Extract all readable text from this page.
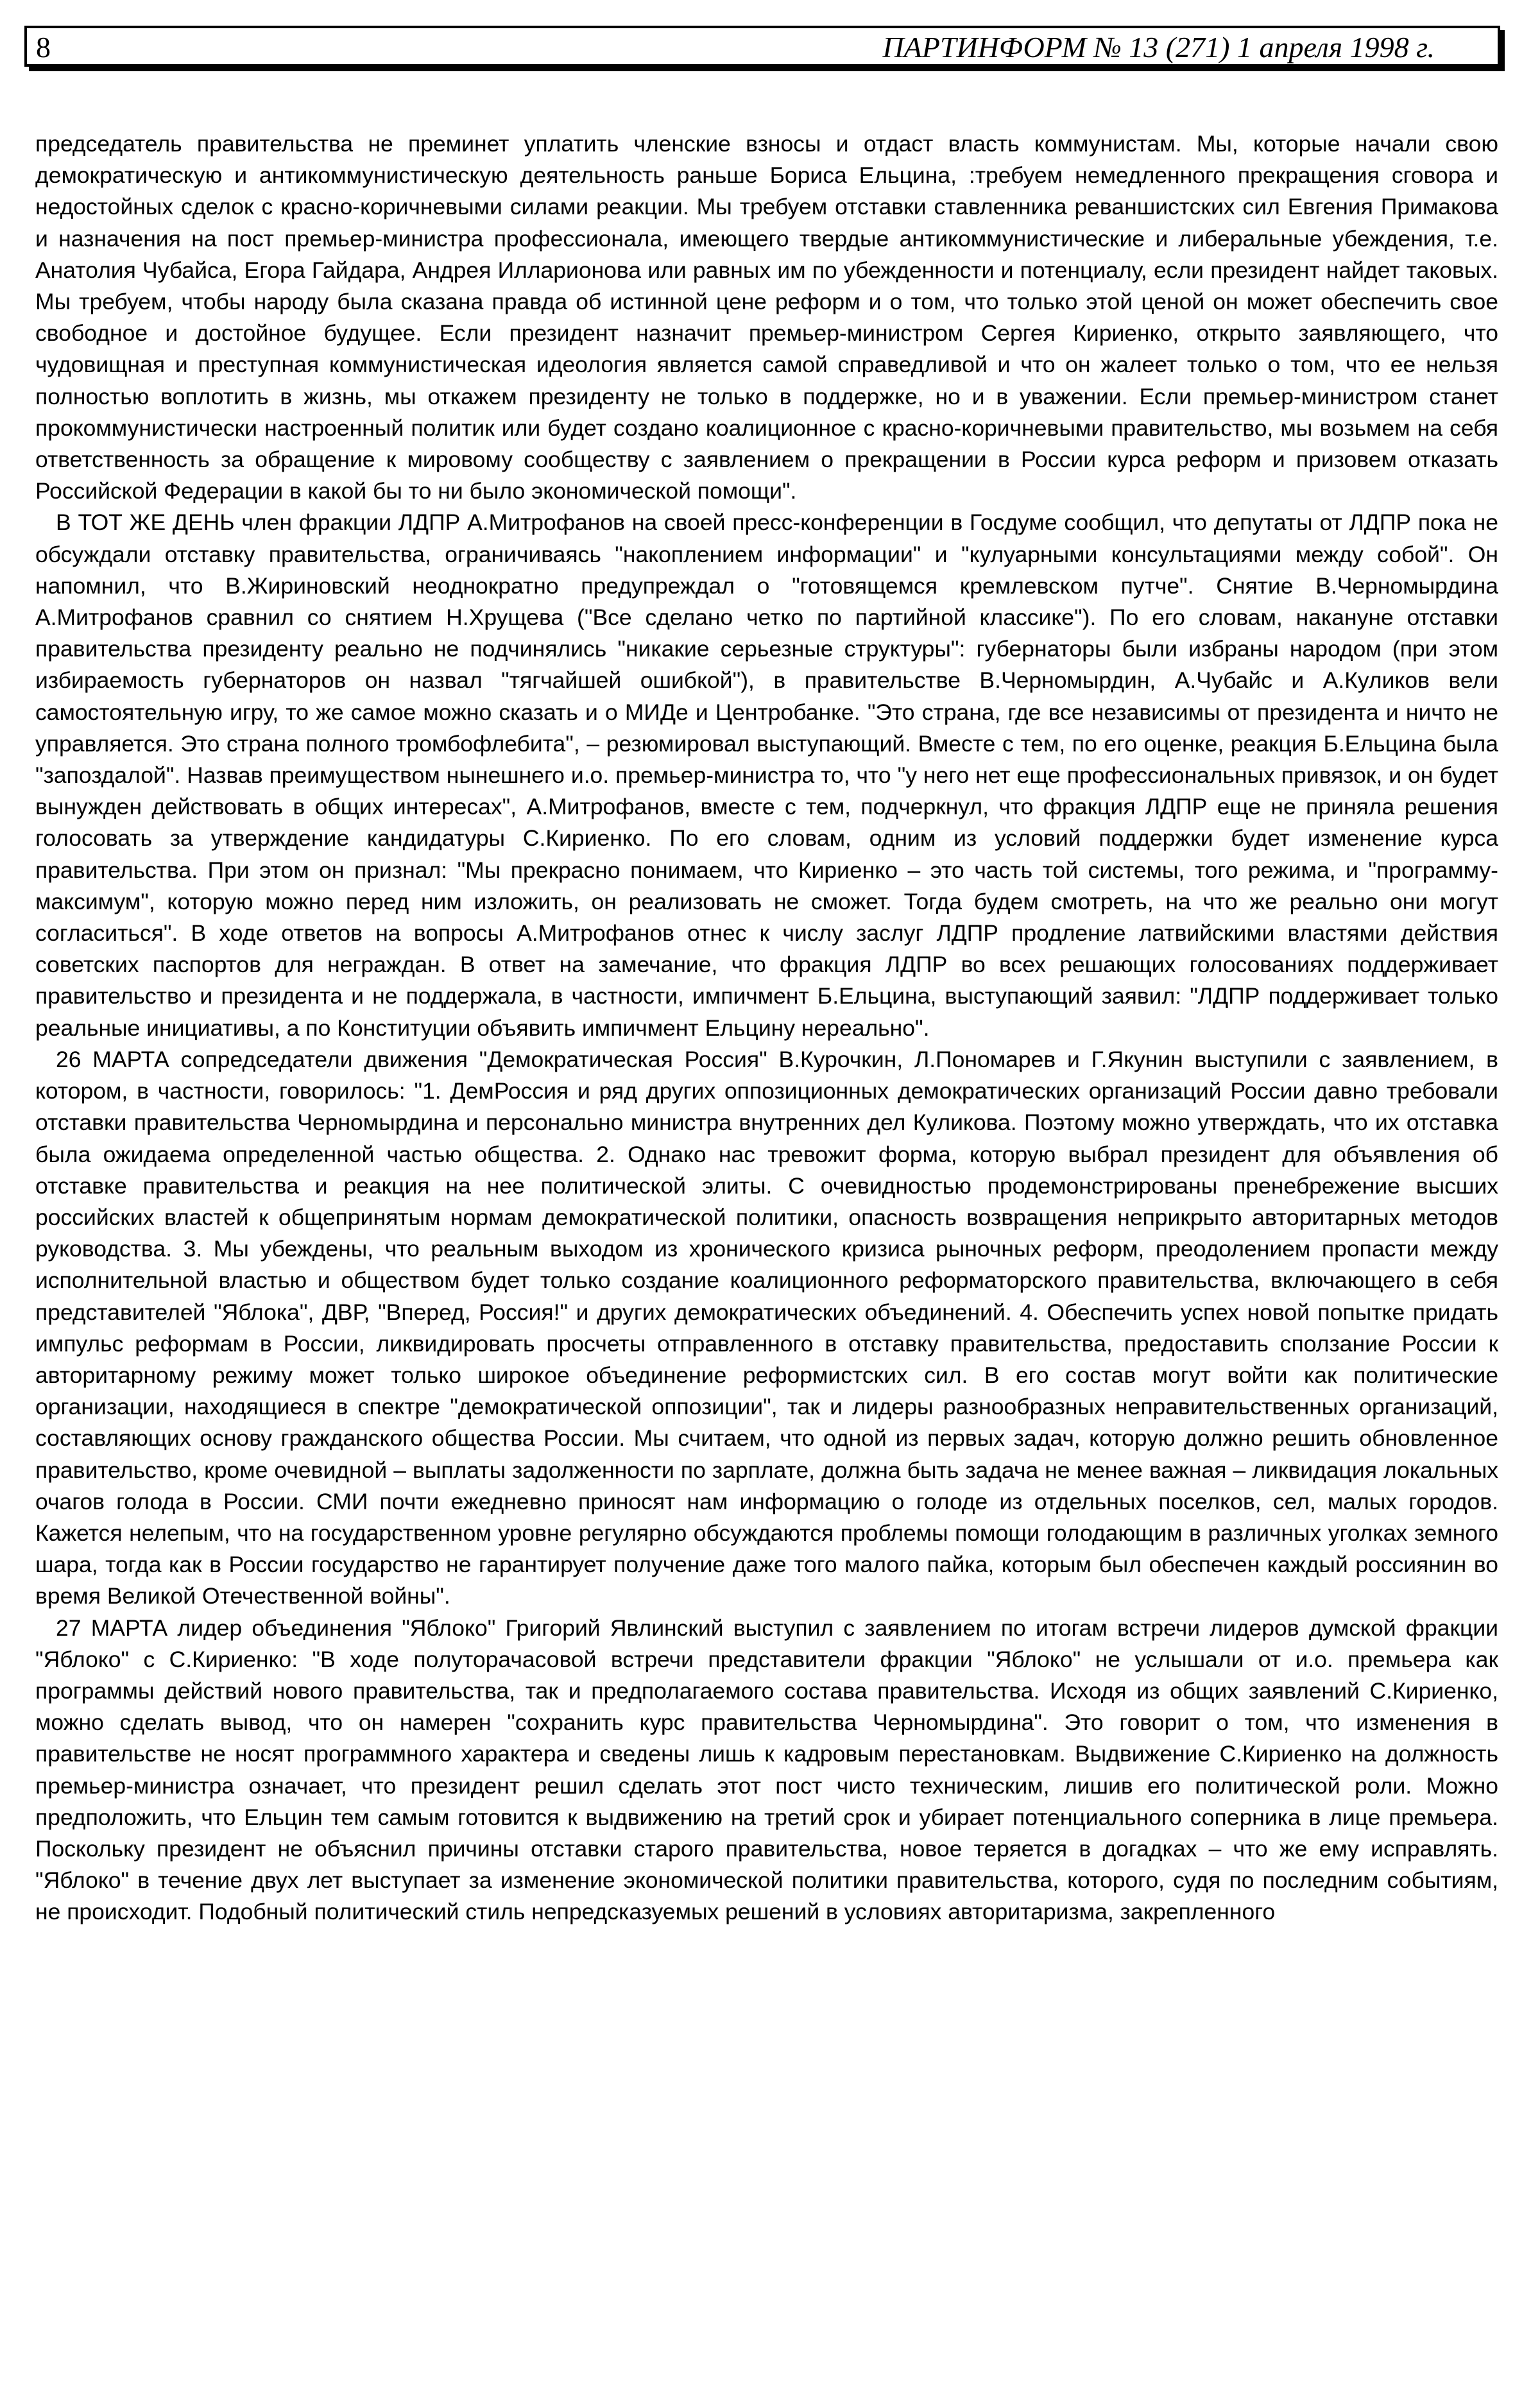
8	ПАРТИНФОРМ № 13 (271) 1 апреля 1998 г.

председатель правительства не преминет уплатить членские взносы и отдаст власть коммунистам. Мы, которые начали свою демократическую и антикоммунистическую деятельность раньше Бориса Ельцина, :требуем немедленного прекращения сговора и недостойных сделок с красно-коричневыми силами реакции. Мы требуем отставки ставленника реваншистских сил Евгения Примакова и назначения на пост премьер-министра профессионала, имеющего твердые антикоммунистические и либеральные убеждения, т.е. Анатолия Чубайса, Егора Гайдара, Андрея Илларионова или равных им по убежденности и потенциалу, если президент найдет таковых. Мы требуем, чтобы народу была сказана правда об истинной цене реформ и о том, что только этой ценой он может обеспечить свое свободное и достойное будущее. Если президент назначит премьер-министром Сергея Кириенко, открыто заявляющего, что чудовищная и преступная коммунистическая идеология является самой справедливой и что он жалеет только о том, что ее нельзя полностью воплотить в жизнь, мы откажем президенту не только в поддержке, но и в уважении. Если премьер-министром станет прокоммунистически настроенный политик или будет создано коалиционное с красно-коричневыми правительство, мы возьмем на себя ответственность за обращение к мировому сообществу с заявлением о прекращении в России курса реформ и призовем отказать Российской Федерации в какой бы то ни было экономической помощи".

В ТОТ ЖЕ ДЕНЬ член фракции ЛДПР А.Митрофанов на своей пресс-конференции в Госдуме сообщил, что депутаты от ЛДПР пока не обсуждали отставку правительства, ограничиваясь "накоплением информации" и "кулуарными консультациями между собой". Он напомнил, что В.Жириновский неоднократно предупреждал о "готовящемся кремлевском путче". Снятие В.Черномырдина А.Митрофанов сравнил со снятием Н.Хрущева ("Все сделано четко по партийной классике"). По его словам, накануне отставки правительства президенту реально не подчинялись "никакие серьезные структуры": губернаторы были избраны народом (при этом избираемость губернаторов он назвал "тягчайшей ошибкой"), в правительстве В.Черномырдин, А.Чубайс и А.Куликов вели самостоятельную игру, то же самое можно сказать и о МИДе и Центробанке. "Это страна, где все независимы от президента и ничто не управляется. Это страна полного тромбофлебита", – резюмировал выступающий. Вместе с тем, по его оценке, реакция Б.Ельцина была "запоздалой". Назвав преимуществом нынешнего и.о. премьер-министра то, что "у него нет еще профессиональных привязок, и он будет вынужден действовать в общих интересах", А.Митрофанов, вместе с тем, подчеркнул, что фракция ЛДПР еще не приняла решения голосовать за утверждение кандидатуры С.Кириенко. По его словам, одним из условий поддержки будет изменение курса правительства. При этом он признал: "Мы прекрасно понимаем, что Кириенко – это часть той системы, того режима, и "программу-максимум", которую можно перед ним изложить, он реализовать не сможет. Тогда будем смотреть, на что же реально они могут согласиться". В ходе ответов на вопросы А.Митрофанов отнес к числу заслуг ЛДПР продление латвийскими властями действия советских паспортов для неграждан. В ответ на замечание, что фракция ЛДПР во всех решающих голосованиях поддерживает правительство и президента и не поддержала, в частности, импичмент Б.Ельцина, выступающий заявил: "ЛДПР поддерживает только реальные инициативы, а по Конституции объявить импичмент Ельцину нереально".

26 МАРТА сопредседатели движения "Демократическая Россия" В.Курочкин, Л.Пономарев и Г.Якунин выступили с заявлением, в котором, в частности, говорилось: "1. ДемРоссия и ряд других оппозиционных демократических организаций России давно требовали отставки правительства Черномырдина и персонально министра внутренних дел Куликова. Поэтому можно утверждать, что их отставка была ожидаема определенной частью общества. 2. Однако нас тревожит форма, которую выбрал президент для объявления об отставке правительства и реакция на нее политической элиты. С очевидностью продемонстрированы пренебрежение высших российских властей к общепринятым нормам демократической политики, опасность возвращения неприкрыто авторитарных методов руководства. 3. Мы убеждены, что реальным выходом из хронического кризиса рыночных реформ, преодолением пропасти между исполнительной властью и обществом будет только создание коалиционного реформаторского правительства, включающего в себя представителей "Яблока", ДВР, "Вперед, Россия!" и других демократических объединений. 4. Обеспечить успех новой попытке придать импульс реформам в России, ликвидировать просчеты отправленного в отставку правительства, предоставить сползание России к авторитарному режиму может только широкое объединение реформистских сил. В его состав могут войти как политические организации, находящиеся в спектре "демократической оппозиции", так и лидеры разнообразных неправительственных организаций, составляющих основу гражданского общества России. Мы считаем, что одной из первых задач, которую должно решить обновленное правительство, кроме очевидной – выплаты задолженности по зарплате, должна быть задача не менее важная – ликвидация локальных очагов голода в России. СМИ почти ежедневно приносят нам информацию о голоде из отдельных поселков, сел, малых городов. Кажется нелепым, что на государственном уровне регулярно обсуждаются проблемы помощи голодающим в различных уголках земного шара, тогда как в России государство не гарантирует получение даже того малого пайка, которым был обеспечен каждый россиянин во время Великой Отечественной войны".

27 МАРТА лидер объединения "Яблоко" Григорий Явлинский выступил с заявлением по итогам встречи лидеров думской фракции "Яблоко" с С.Кириенко: "В ходе полуторачасовой встречи представители фракции "Яблоко" не услышали от и.о. премьера как программы действий нового правительства, так и предполагаемого состава правительства. Исходя из общих заявлений С.Кириенко, можно сделать вывод, что он намерен "сохранить курс правительства Черномырдина". Это говорит о том, что изменения в правительстве не носят программного характера и сведены лишь к кадровым перестановкам. Выдвижение С.Кириенко на должность премьер-министра означает, что президент решил сделать этот пост чисто техническим, лишив его политической роли. Можно предположить, что Ельцин тем самым готовится к выдвижению на третий срок и убирает потенциального соперника в лице премьера. Поскольку президент не объяснил причины отставки старого правительства, новое теряется в догадках – что же ему исправлять. "Яблоко" в течение двух лет выступает за изменение экономической политики правительства, которого, судя по последним событиям, не происходит. Подобный политический стиль непредсказуемых решений в условиях авторитаризма, закрепленного
